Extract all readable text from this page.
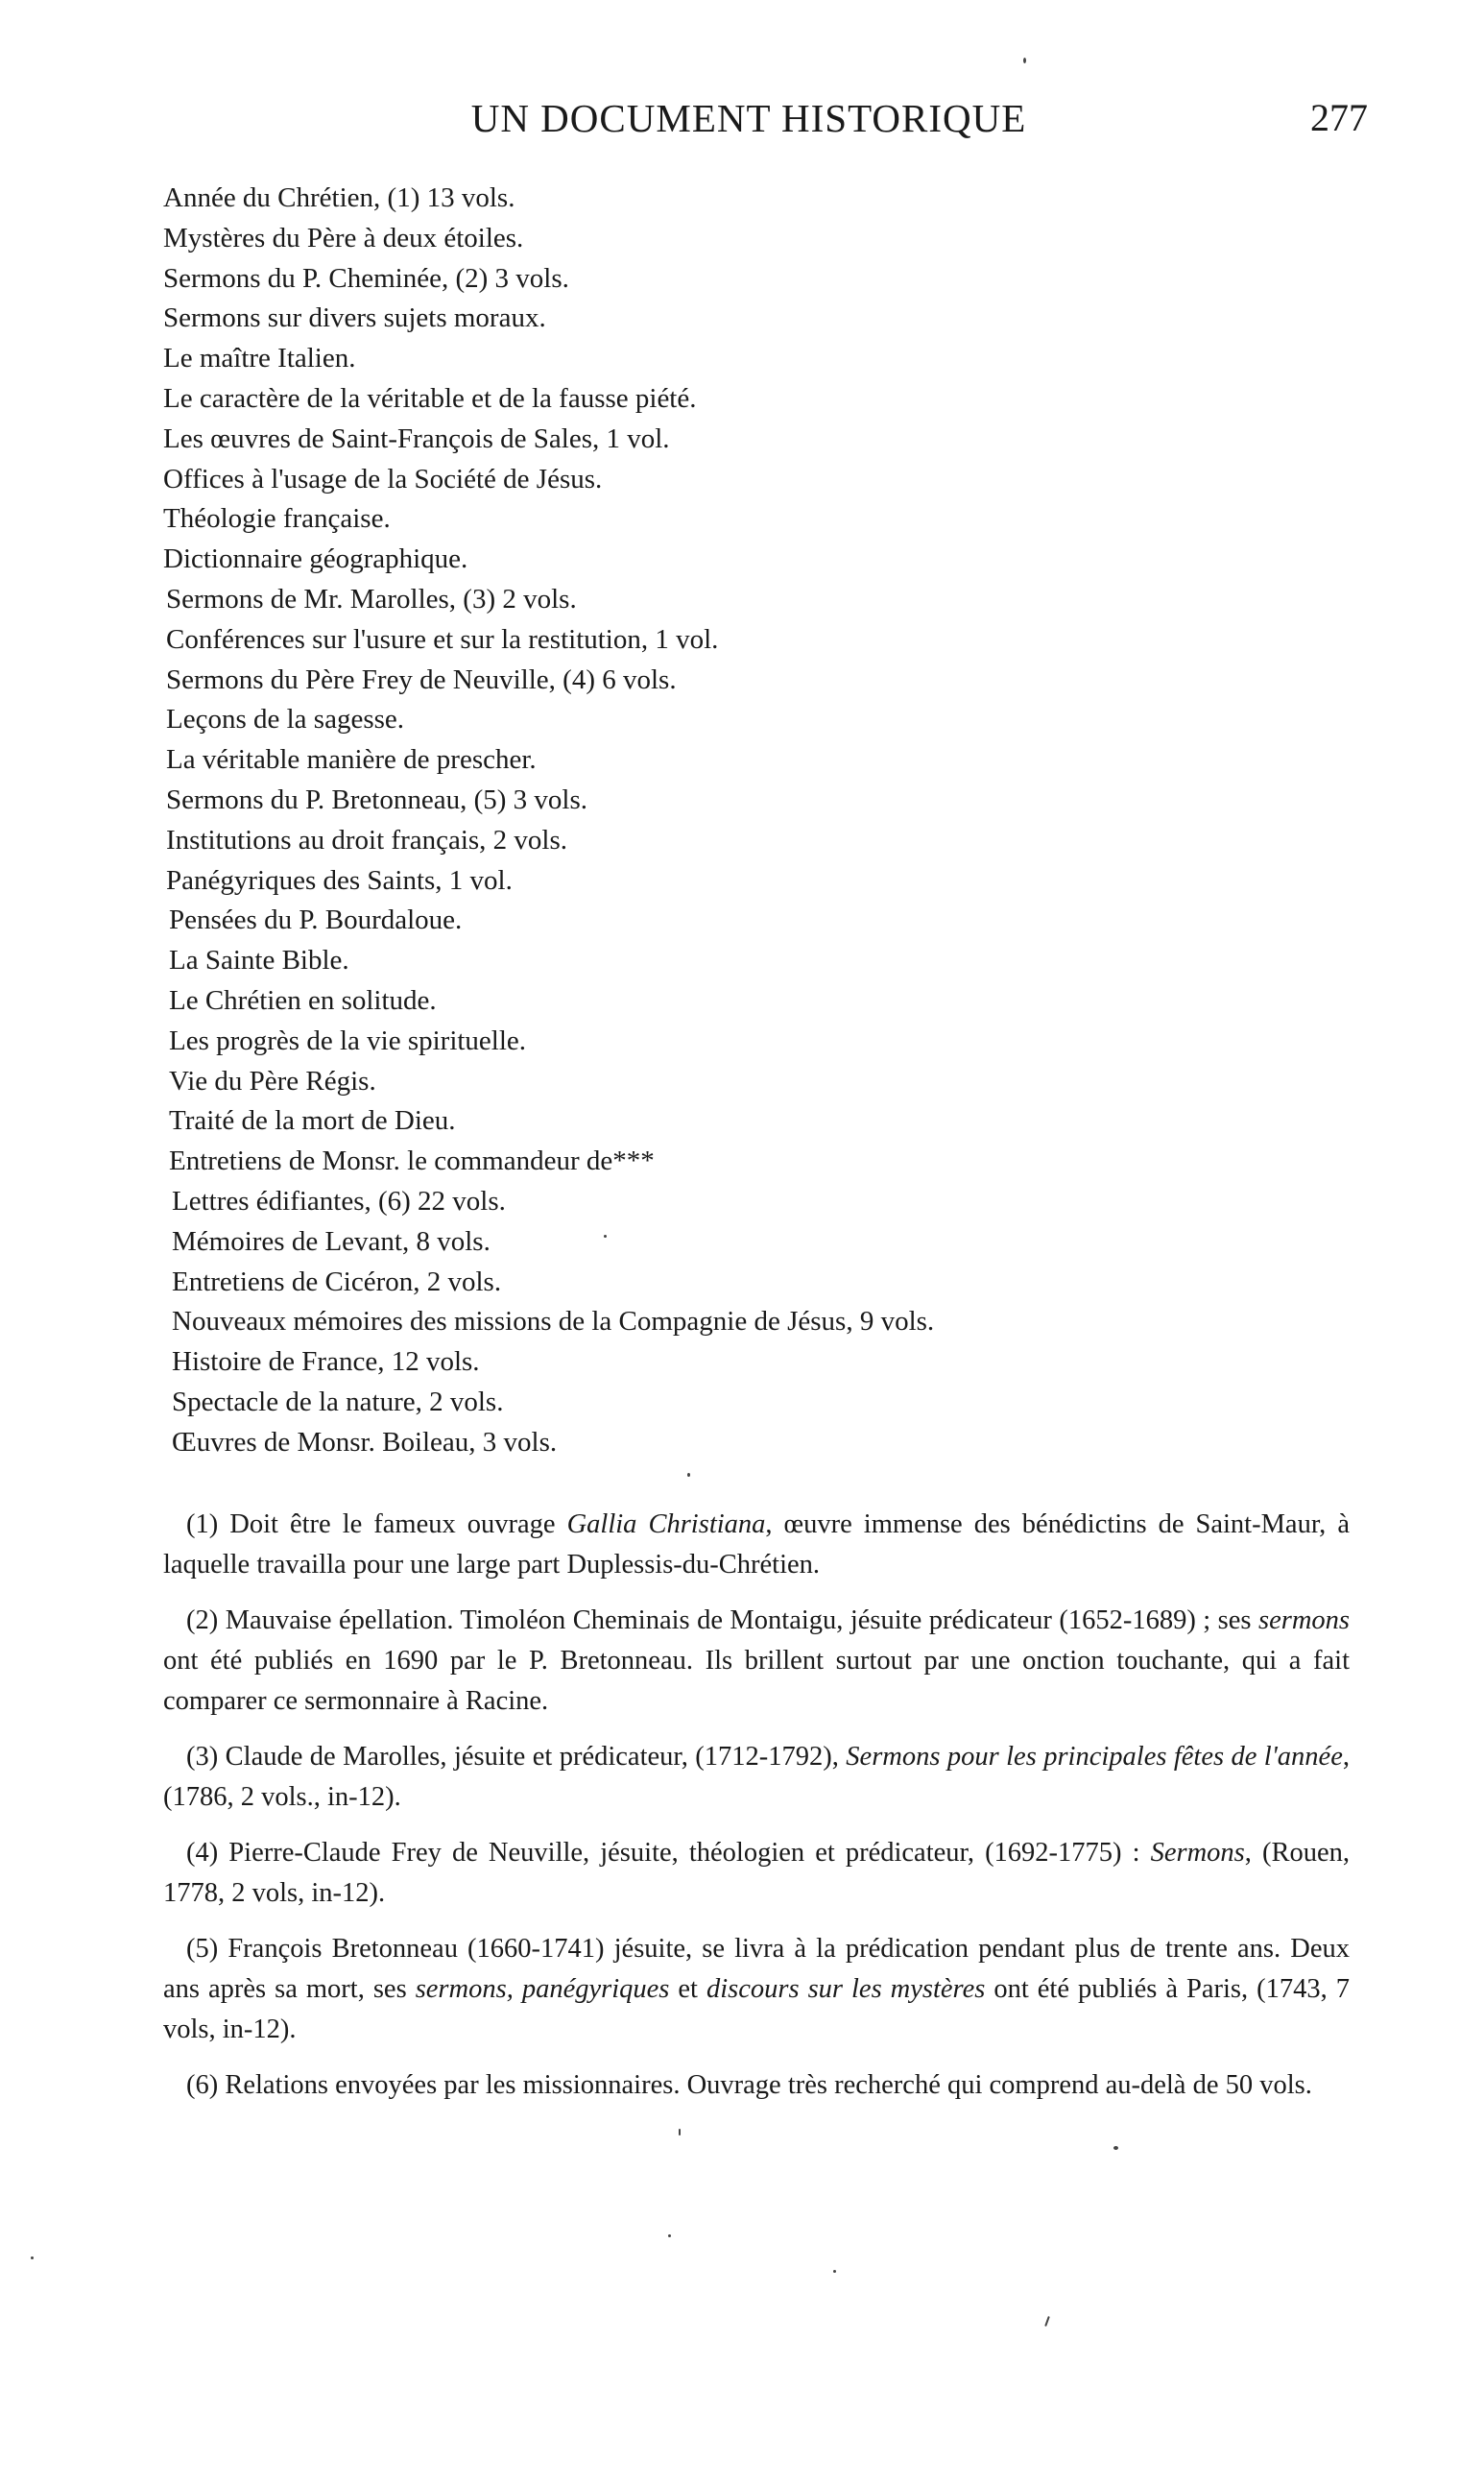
UN DOCUMENT HISTORIQUE	277
Année du Chrétien, (1) 13 vols.
Mystères du Père à deux étoiles.
Sermons du P. Cheminée, (2) 3 vols.
Sermons sur divers sujets moraux.
Le maître Italien.
Le caractère de la véritable et de la fausse piété.
Les œuvres de Saint-François de Sales, 1 vol.
Offices à l'usage de la Société de Jésus.
Théologie française.
Dictionnaire géographique.
Sermons de Mr. Marolles, (3) 2 vols.
Conférences sur l'usure et sur la restitution, 1 vol.
Sermons du Père Frey de Neuville, (4) 6 vols.
Leçons de la sagesse.
La véritable manière de prescher.
Sermons du P. Bretonneau, (5) 3 vols.
Institutions au droit français, 2 vols.
Panégyriques des Saints, 1 vol.
Pensées du P. Bourdaloue.
La Sainte Bible.
Le Chrétien en solitude.
Les progrès de la vie spirituelle.
Vie du Père Régis.
Traité de la mort de Dieu.
Entretiens de Monsr. le commandeur de***
Lettres édifiantes, (6) 22 vols.
Mémoires de Levant, 8 vols.
Entretiens de Cicéron, 2 vols.
Nouveaux mémoires des missions de la Compagnie de Jésus, 9 vols.
Histoire de France, 12 vols.
Spectacle de la nature, 2 vols.
Œuvres de Monsr. Boileau, 3 vols.

(1) Doit être le fameux ouvrage Gallia Christiana, œuvre immense des bénédictins de Saint-Maur, à laquelle travailla pour une large part Duplessis-du-Chrétien.

(2) Mauvaise épellation. Timoléon Cheminais de Montaigu, jésuite prédicateur (1652-1689) ; ses sermons ont été publiés en 1690 par le P. Bretonneau. Ils brillent surtout par une onction touchante, qui a fait comparer ce sermonnaire à Racine.

(3) Claude de Marolles, jésuite et prédicateur, (1712-1792), Sermons pour les principales fêtes de l'année, (1786, 2 vols., in-12).

(4) Pierre-Claude Frey de Neuville, jésuite, théologien et prédicateur, (1692-1775) : Sermons, (Rouen, 1778, 2 vols, in-12).

(5) François Bretonneau (1660-1741) jésuite, se livra à la prédication pendant plus de trente ans. Deux ans après sa mort, ses sermons, panégyriques et discours sur les mystères ont été publiés à Paris, (1743, 7 vols, in-12).

(6) Relations envoyées par les missionnaires. Ouvrage très recherché qui comprend au-delà de 50 vols.
